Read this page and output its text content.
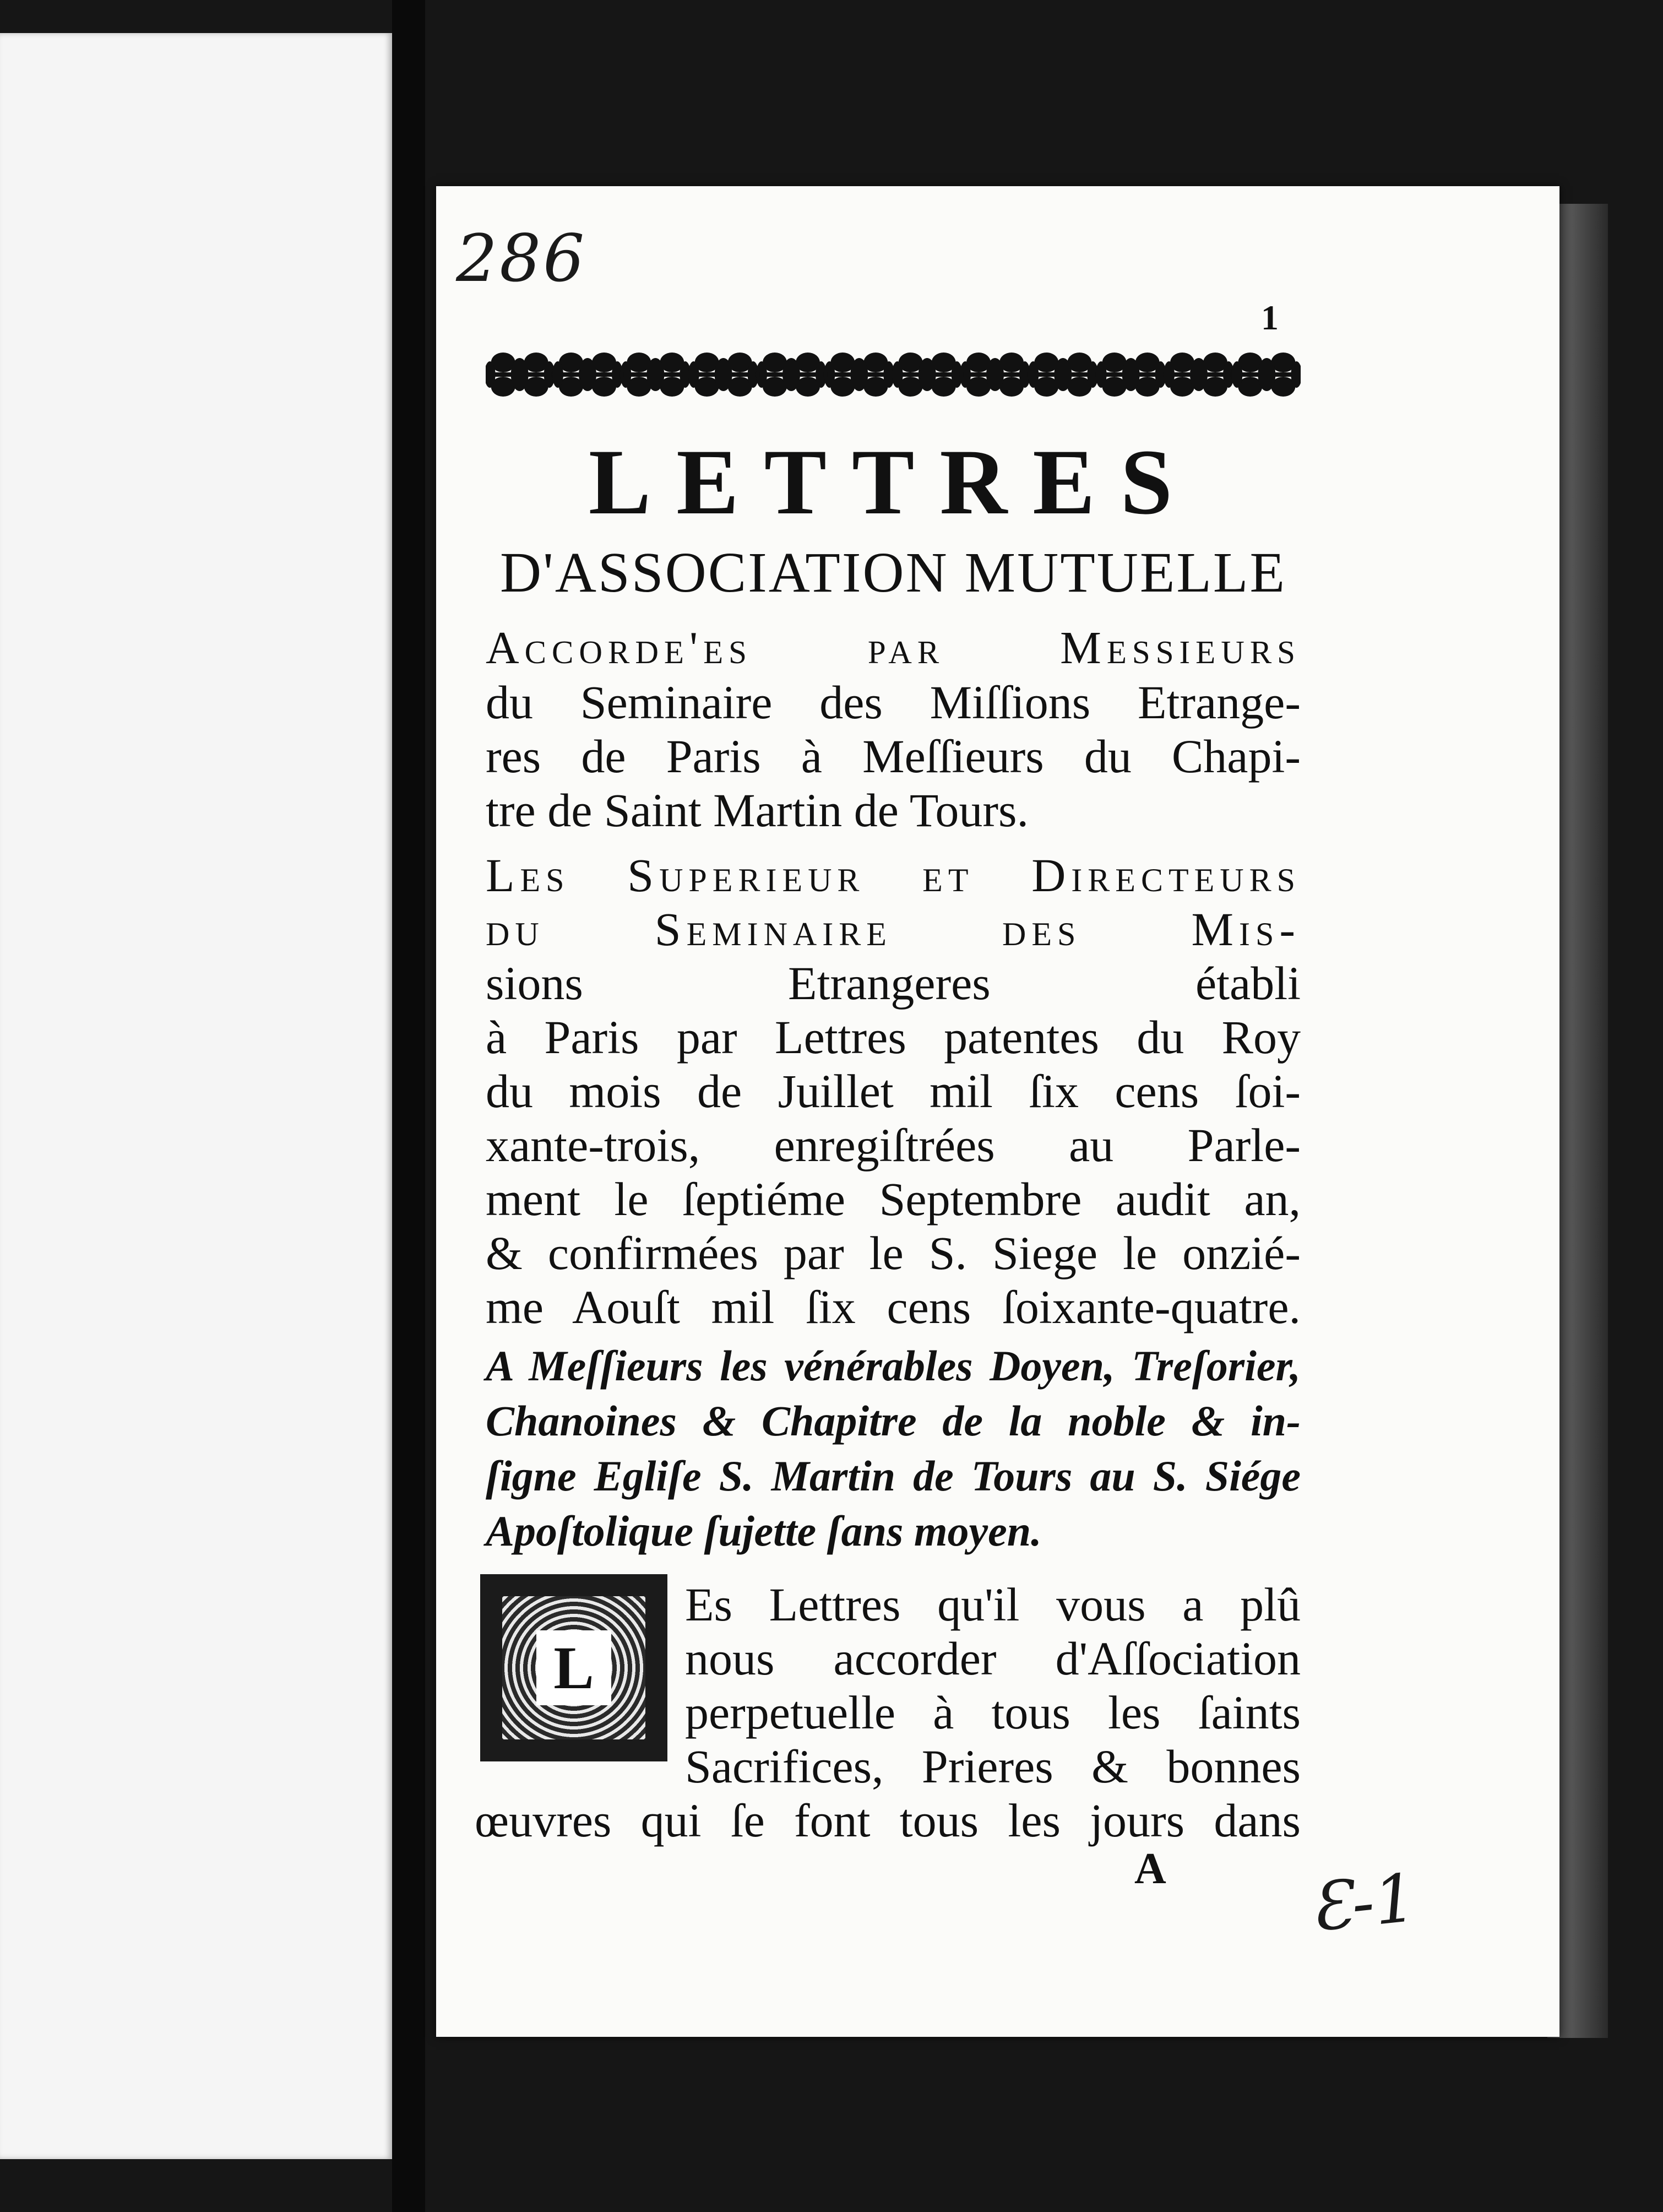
286
1
LETTRES
D'ASSOCIATION MUTUELLE
Accorde'es par Messieurs
du Seminaire des Miſſions Etrange-
res de Paris à Meſſieurs du Chapi-
tre de Saint Martin de Tours.
Les Superieur et Directeurs
du Seminaire des Mis-
sions Etrangeres établi
à Paris par Lettres patentes du Roy
du mois de Juillet mil ſix cens ſoi-
xante-trois, enregiſtrées au Parle-
ment le ſeptiéme Septembre audit an,
& confirmées par le S. Siege le onzié-
me Aouſt mil ſix cens ſoixante-quatre.
A Meſſieurs les vénérables Doyen, Treſorier,
Chanoines & Chapitre de la noble & in-
ſigne Egliſe S. Martin de Tours au S. Siége
Apoſtolique ſujette ſans moyen.
L
Es Lettres qu'il vous a plû
nous accorder d'Aſſociation
perpetuelle à tous les ſaints
Sacrifices, Prieres & bonnes
œuvres qui ſe font tous les jours dans
A Ɛ-1
